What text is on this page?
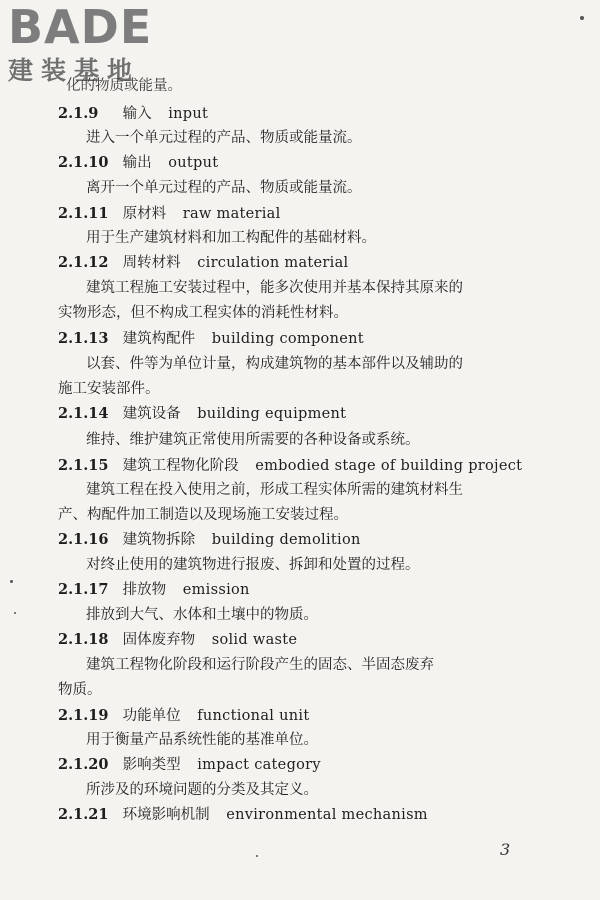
BADE
建装基地
化的物质或能量。
2.1.9 输入 input
进入一个单元过程的产品、物质或能量流。
2.1.10 输出 output
离开一个单元过程的产品、物质或能量流。
2.1.11 原材料 raw material
用于生产建筑材料和加工构配件的基础材料。
2.1.12 周转材料 circulation material
建筑工程施工安装过程中，能多次使用并基本保持其原来的
实物形态，但不构成工程实体的消耗性材料。
2.1.13 建筑构配件 building component
以套、件等为单位计量，构成建筑物的基本部件以及辅助的
施工安装部件。
2.1.14 建筑设备 building equipment
维持、维护建筑正常使用所需要的各种设备或系统。
2.1.15 建筑工程物化阶段 embodied stage of building project
建筑工程在投入使用之前，形成工程实体所需的建筑材料生
产、构配件加工制造以及现场施工安装过程。
2.1.16 建筑物拆除 building demolition
对终止使用的建筑物进行报废、拆卸和处置的过程。
2.1.17 排放物 emission
排放到大气、水体和土壤中的物质。
2.1.18 固体废弃物 solid waste
建筑工程物化阶段和运行阶段产生的固态、半固态废弃
物质。
2.1.19 功能单位 functional unit
用于衡量产品系统性能的基准单位。
2.1.20 影响类型 impact category
所涉及的环境问题的分类及其定义。
2.1.21 环境影响机制 environmental mechanism
3
